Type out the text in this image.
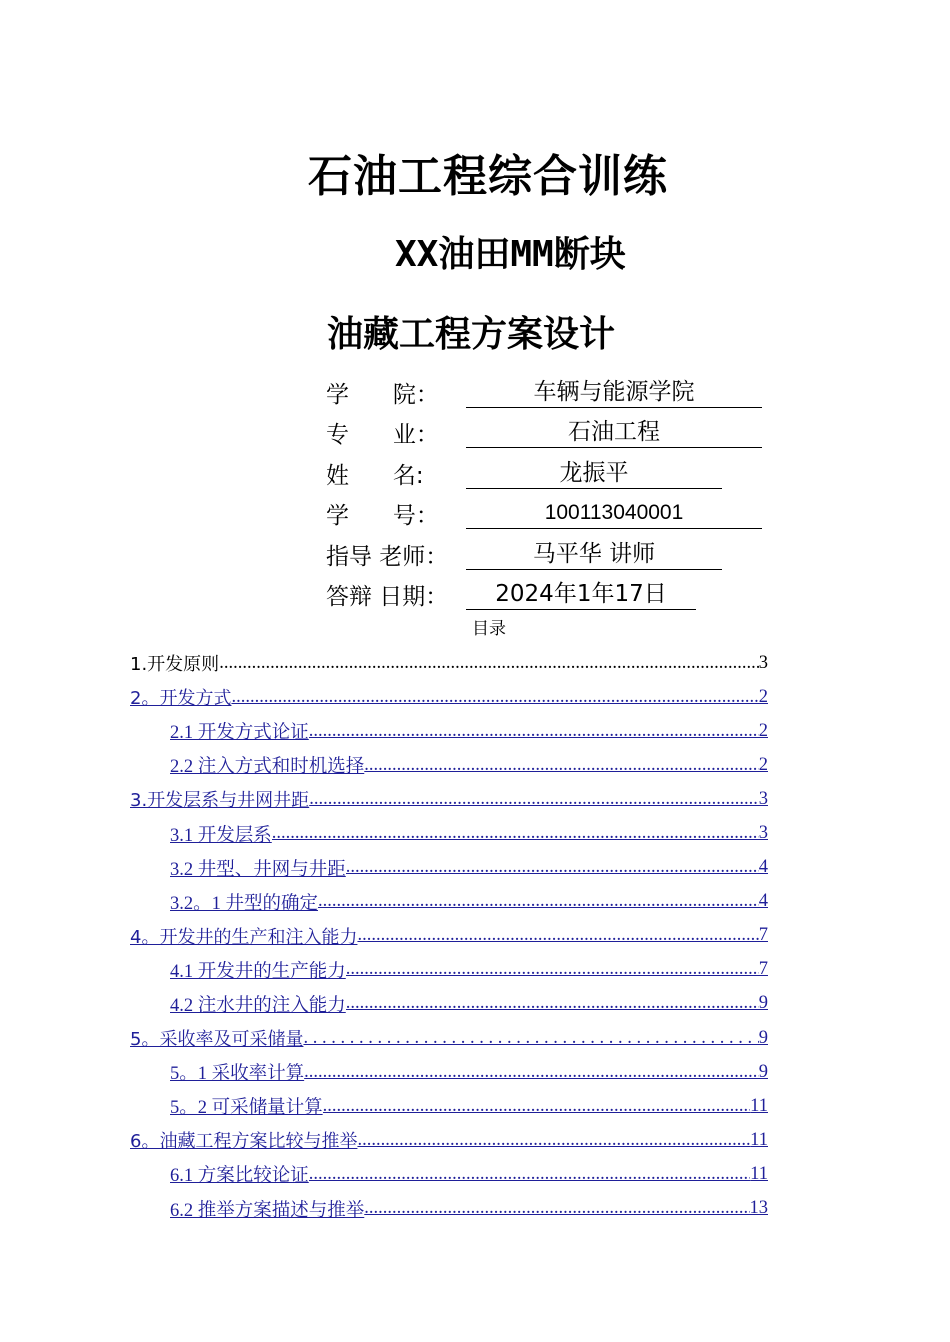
石油工程综合训练
XX油田MM断块
油藏工程方案设计
学      院：	车辆与能源学院
专      业：	石油工程
姓      名:	龙振平
学      号：	100113040001
指导 老师：	马平华 讲师
答辩 日期：	2024年1年17日
目录
1.开发原则 .....	3
2。开发方式 .....	2
2.1 开发方式论证 .....	2
2.2 注入方式和时机选择 .....	2
3.开发层系与井网井距 .....	3
3.1 开发层系 .....	3
3.2 井型、井网与井距 .....	4
3.2。1 井型的确定 .....	4
4。开发井的生产和注入能力 .....	7
4.1 开发井的生产能力 .....	7
4.2 注水井的注入能力 .....	9
5。采收率及可采储量 . . .	9
5。1 采收率计算 .....	9
5。2 可采储量计算 .....	11
6。油藏工程方案比较与推举 .....	11
6.1 方案比较论证 .....	11
6.2 推举方案描述与推举 .....	13
